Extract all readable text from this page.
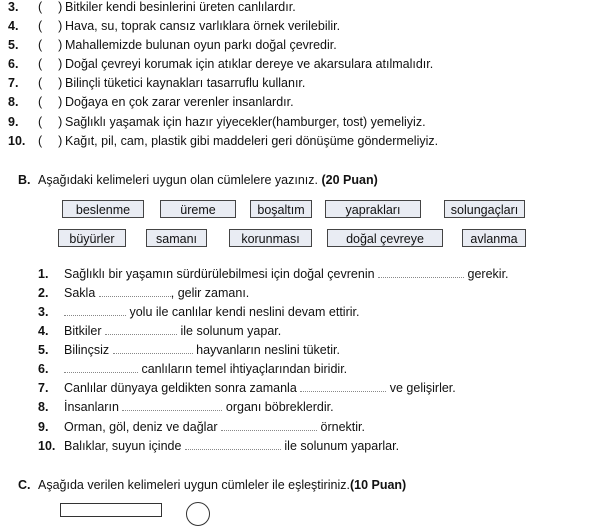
3. ( ) Bitkiler kendi besinlerini üreten canlılardır.
4. ( ) Hava, su, toprak cansız varlıklara örnek verilebilir.
5. ( ) Mahallemizde bulunan oyun parkı doğal çevredir.
6. ( ) Doğal çevreyi korumak için atıklar dereye ve akarsulara atılmalıdır.
7. ( ) Bilinçli tüketici kaynakları tasarruflu kullanır.
8. ( ) Doğaya en çok zarar verenler insanlardır.
9. ( ) Sağlıklı yaşamak için hazır yiyecekler(hamburger, tost) yemeliyiz.
10. ( ) Kağıt, pil, cam, plastik gibi maddeleri geri dönüşüme göndermeliyiz.
B. Aşağıdaki kelimeleri uygun olan cümlelere yazınız. (20 Puan)
beslenme	üreme	boşaltım	yaprakları	solungaçları
büyürler	samanı	korunması	doğal çevreye	avlanma
1. Sağlıklı bir yaşamın sürdürülebilmesi için doğal çevrenin	gerekir.
2. Sakla	, gelir zamanı.
3.	yolu ile canlılar kendi neslini devam ettirir.
4. Bitkiler	ile solunum yapar.
5. Bilinçsiz	hayvanların neslini tüketir.
6.	canlıların temel ihtiyaçlarından biridir.
7. Canlılar dünyaya geldikten sonra zamanla	ve gelişirler.
8. İnsanların	organı böbreklerdir.
9. Orman, göl, deniz ve dağlar	örnektir.
10. Balıklar, suyun içinde	ile solunum yaparlar.
C. Aşağıda verilen kelimeleri uygun cümleler ile eşleştiriniz.(10 Puan)
